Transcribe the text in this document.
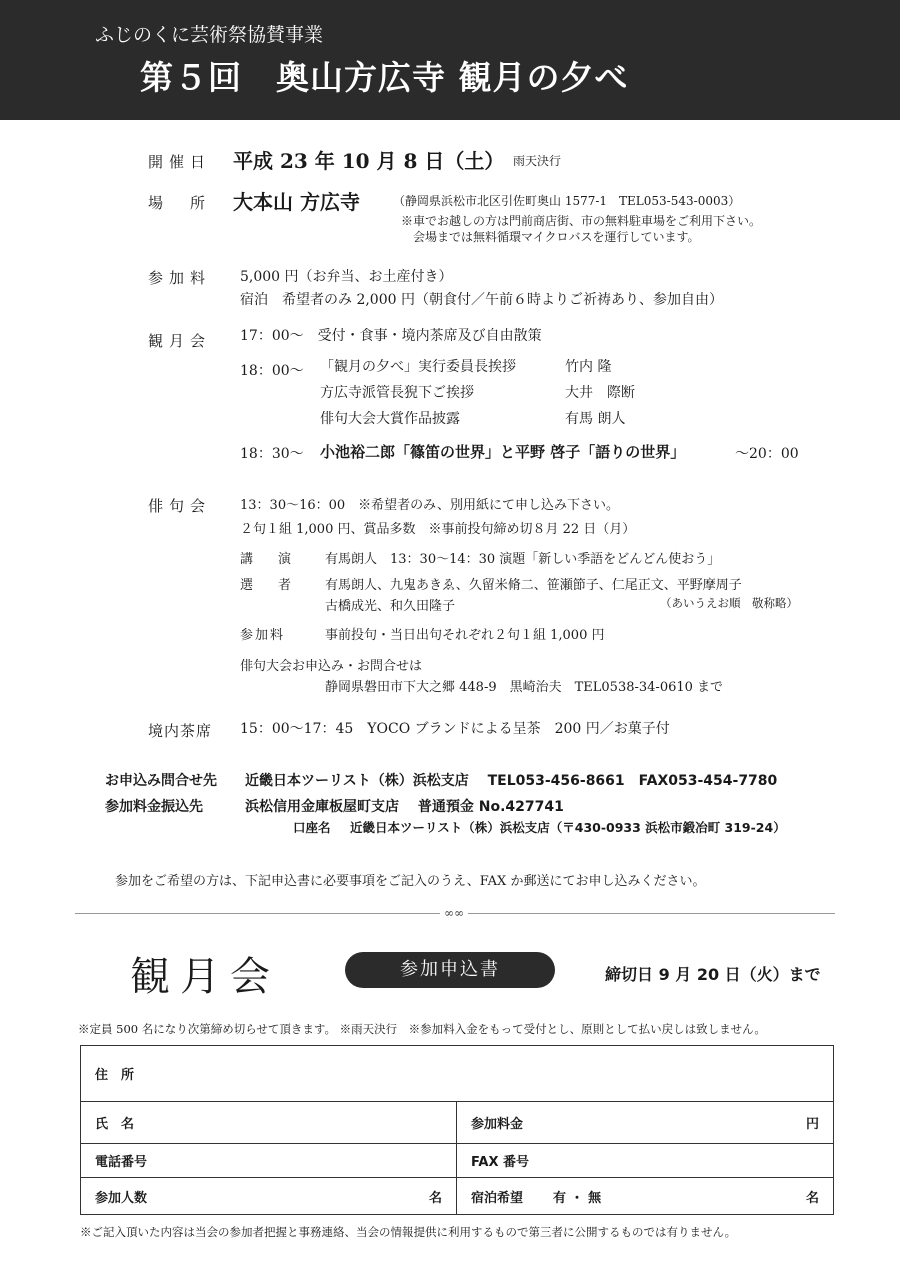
ふじのくに芸術祭協賛事業
第５回　奥山方広寺 観月の夕べ
開催日 平成 23 年 10 月 8 日（土） 雨天決行
場　所 大本山 方広寺	（静岡県浜松市北区引佐町奥山 1577-1　TEL053-543-0003）
※車でお越しの方は門前商店街、市の無料駐車場をご利用下さい。
会場までは無料循環マイクロバスを運行しています。
参加料 5,000 円（お弁当、お土産付き）
宿泊　希望者のみ 2,000 円（朝食付／午前６時よりご祈祷あり、参加自由）
観月会 17：00～　受付・食事・境内茶席及び自由散策
18：00～ 「観月の夕べ」実行委員長挨拶	竹内 隆
方広寺派管長猊下ご挨拶	大井　際断
俳句大会大賞作品披露	有馬 朗人
18：30～ 小池裕二郎「篠笛の世界」と平野 啓子「語りの世界」	～20：00
俳句会 13：30～16：00　※希望者のみ、別用紙にて申し込み下さい。
２句１組 1,000 円、賞品多数　※事前投句締め切８月 22 日（月）
講　演 有馬朗人　13：30～14：30 演題「新しい季語をどんどん使おう」
選　者 有馬朗人、九鬼あきゑ、久留米脩二、笹瀬節子、仁尾正文、平野摩周子
古橋成光、和久田隆子	（あいうえお順　敬称略）
参加料	事前投句・当日出句それぞれ２句１組 1,000 円
俳句大会お申込み・お問合せは
静岡県磐田市下大之郷 448-9　黒崎治夫　TEL0538-34-0610 まで
境内茶席 15：00～17：45　YOCO ブランドによる呈茶　200 円／お菓子付
お申込み問合せ先 近畿日本ツーリスト（株）浜松支店　 TEL053-456-8661　FAX053-454-7780
参加料金振込先	浜松信用金庫板屋町支店　 普通預金 No.427741
口座名 近畿日本ツーリスト（株）浜松支店（〒430-0933 浜松市鍛冶町 319-24）
参加をご希望の方は、下記申込書に必要事項をご記入のうえ、FAX か郵送にてお申し込みください。
∞∞
観月会	参加申込書	締切日 9 月 20 日（火）まで
※定員 500 名になり次第締め切らせて頂きます。 ※雨天決行　※参加料入金をもって受付とし、原則として払い戻しは致しません。
住　所	
氏　名	参加料金 円

電話番号	FAX 番号

参加人数 名	宿泊希望 有 ・ 無 名
※ご記入頂いた内容は当会の参加者把握と事務連絡、当会の情報提供に利用するもので第三者に公開するものでは有りません。
